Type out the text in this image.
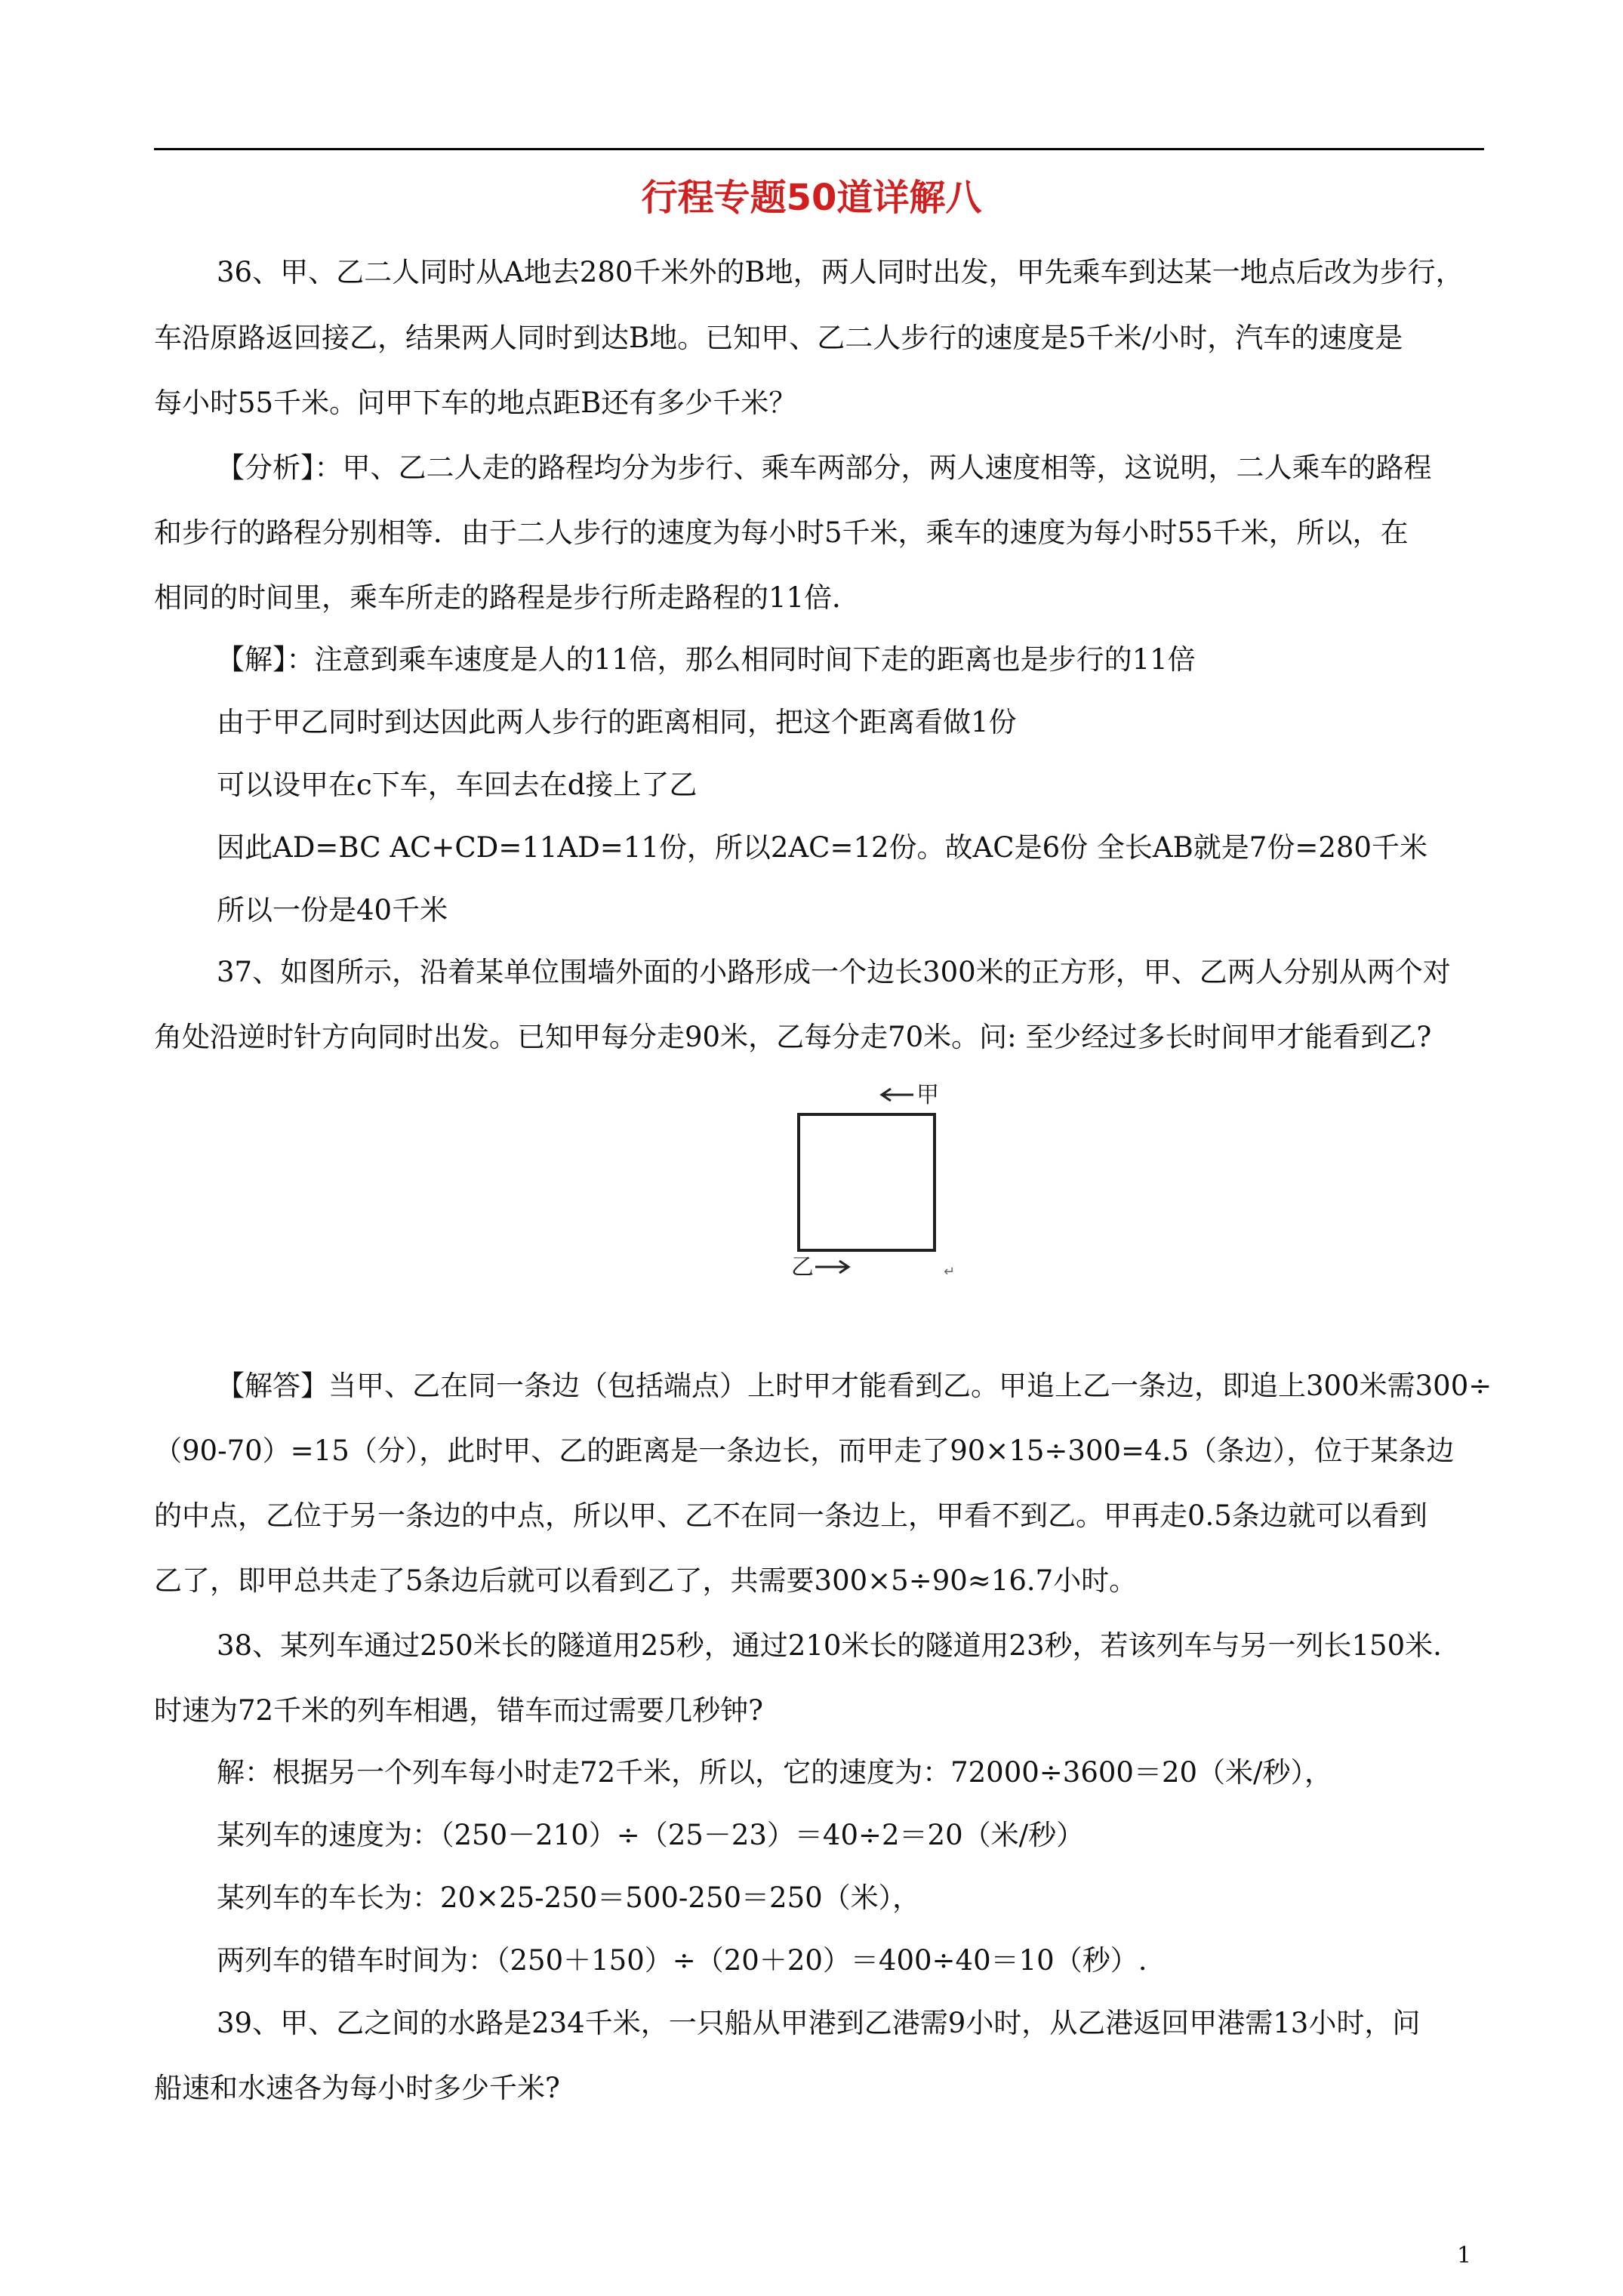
行程专题50道详解八
36、甲、乙二人同时从A地去280千米外的B地，两人同时出发，甲先乘车到达某一地点后改为步行，
车沿原路返回接乙，结果两人同时到达B地。已知甲、乙二人步行的速度是5千米/小时，汽车的速度是
每小时55千米。问甲下车的地点距B还有多少千米？
【分析】：甲、乙二人走的路程均分为步行、乘车两部分，两人速度相等，这说明，二人乘车的路程
和步行的路程分别相等．由于二人步行的速度为每小时5千米，乘车的速度为每小时55千米，所以，在
相同的时间里，乘车所走的路程是步行所走路程的11倍．
【解】：注意到乘车速度是人的11倍，那么相同时间下走的距离也是步行的11倍
由于甲乙同时到达因此两人步行的距离相同，把这个距离看做1份
可以设甲在c下车，车回去在d接上了乙
因此AD=BC AC+CD=11AD=11份，所以2AC=12份。故AC是6份 全长AB就是7份=280千米
所以一份是40千米
37、如图所示，沿着某单位围墙外面的小路形成一个边长300米的正方形，甲、乙两人分别从两个对
角处沿逆时针方向同时出发。已知甲每分走90米，乙每分走70米。问: 至少经过多长时间甲才能看到乙?
甲
乙	↵
【解答】当甲、乙在同一条边（包括端点）上时甲才能看到乙。甲追上乙一条边，即追上300米需300÷
（90-70）=15（分），此时甲、乙的距离是一条边长，而甲走了90×15÷300=4.5（条边），位于某条边
的中点，乙位于另一条边的中点，所以甲、乙不在同一条边上，甲看不到乙。甲再走0.5条边就可以看到
乙了，即甲总共走了5条边后就可以看到乙了，共需要300×5÷90≈16.7小时。
38、某列车通过250米长的隧道用25秒，通过210米长的隧道用23秒，若该列车与另一列长150米.
时速为72千米的列车相遇，错车而过需要几秒钟?
解：根据另一个列车每小时走72千米，所以，它的速度为：72000÷3600＝20（米/秒），
某列车的速度为：（250－210）÷（25－23）＝40÷2＝20（米/秒）
某列车的车长为：20×25-250＝500-250＝250（米），
两列车的错车时间为：（250＋150）÷（20＋20）＝400÷40＝10（秒）.
39、甲、乙之间的水路是234千米，一只船从甲港到乙港需9小时，从乙港返回甲港需13小时，问
船速和水速各为每小时多少千米?
1
